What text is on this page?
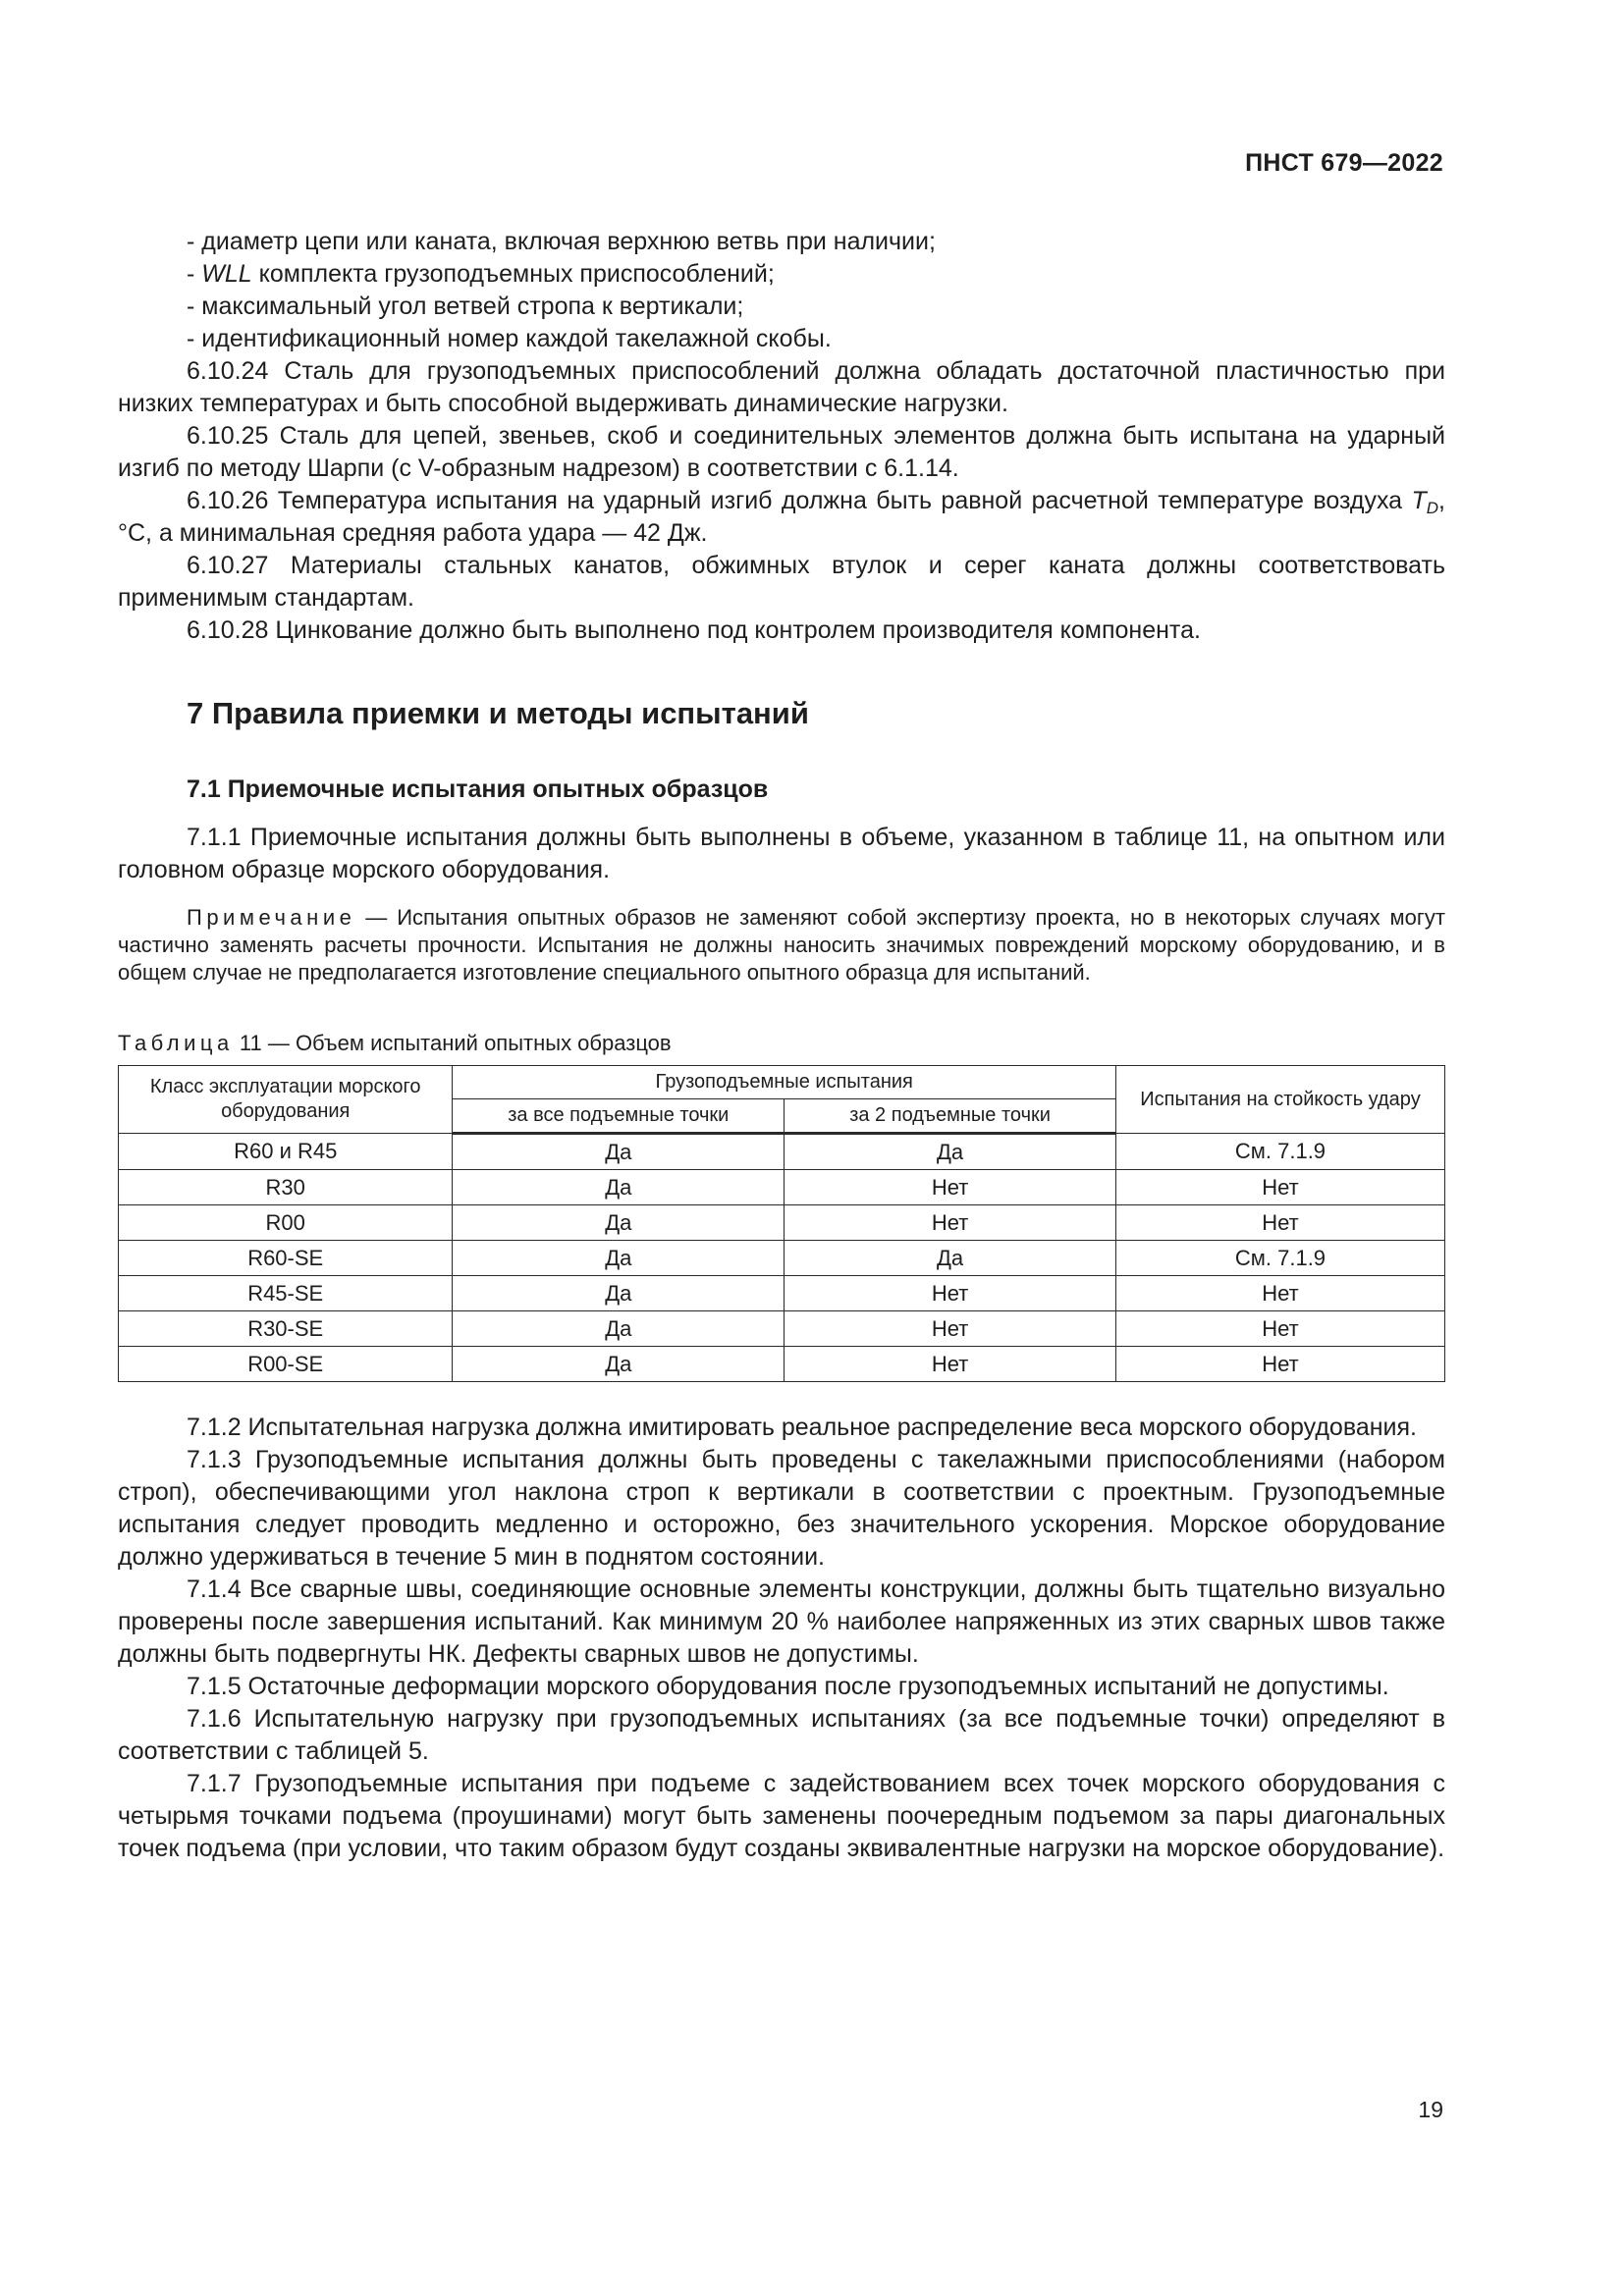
ПНСТ 679—2022

- диаметр цепи или каната, включая верхнюю ветвь при наличии;

- WLL комплекта грузоподъемных приспособлений;

- максимальный угол ветвей стропа к вертикали;

- идентификационный номер каждой такелажной скобы.

6.10.24 Сталь для грузоподъемных приспособлений должна обладать достаточной пластичностью при низких температурах и быть способной выдерживать динамические нагрузки.

6.10.25 Сталь для цепей, звеньев, скоб и соединительных элементов должна быть испытана на ударный изгиб по методу Шарпи (с V-образным надрезом) в соответствии с 6.1.14.

6.10.26 Температура испытания на ударный изгиб должна быть равной расчетной температуре воздуха $T_D$, °С, а минимальная средняя работа удара — 42 Дж.

6.10.27 Материалы стальных канатов, обжимных втулок и серег каната должны соответствовать применимым стандартам.

6.10.28 Цинкование должно быть выполнено под контролем производителя компонента.

7 Правила приемки и методы испытаний
7.1 Приемочные испытания опытных образцов

7.1.1 Приемочные испытания должны быть выполнены в объеме, указанном в таблице 11, на опытном или головном образце морского оборудования.

Примечание — Испытания опытных образов не заменяют собой экспертизу проекта, но в некоторых случаях могут частично заменять расчеты прочности. Испытания не должны наносить значимых повреждений морскому оборудованию, и в общем случае не предполагается изготовление специального опытного образца для испытаний.

Таблица 11 — Объем испытаний опытных образцов

Класс эксплуатации морского оборудования	Грузоподъемные испытания		Испытания на стойкость удару
	за все подъемные точки	за 2 подъемные точки	
R60 и R45	Да	Да	См. 7.1.9
R30	Да	Нет	Нет
R00	Да	Нет	Нет
R60-SE	Да	Да	См. 7.1.9
R45-SE	Да	Нет	Нет
R30-SE	Да	Нет	Нет
R00-SE	Да	Нет	Нет

7.1.2 Испытательная нагрузка должна имитировать реальное распределение веса морского оборудования.

7.1.3 Грузоподъемные испытания должны быть проведены с такелажными приспособлениями (набором строп), обеспечивающими угол наклона строп к вертикали в соответствии с проектным. Грузоподъемные испытания следует проводить медленно и осторожно, без значительного ускорения. Морское оборудование должно удерживаться в течение 5 мин в поднятом состоянии.

7.1.4 Все сварные швы, соединяющие основные элементы конструкции, должны быть тщательно визуально проверены после завершения испытаний. Как минимум 20 % наиболее напряженных из этих сварных швов также должны быть подвергнуты НК. Дефекты сварных швов не допустимы.

7.1.5 Остаточные деформации морского оборудования после грузоподъемных испытаний не допустимы.

7.1.6 Испытательную нагрузку при грузоподъемных испытаниях (за все подъемные точки) определяют в соответствии с таблицей 5.

7.1.7 Грузоподъемные испытания при подъеме с задействованием всех точек морского оборудования с четырьмя точками подъема (проушинами) могут быть заменены поочередным подъемом за пары диагональных точек подъема (при условии, что таким образом будут созданы эквивалентные нагрузки на морское оборудование).

19
